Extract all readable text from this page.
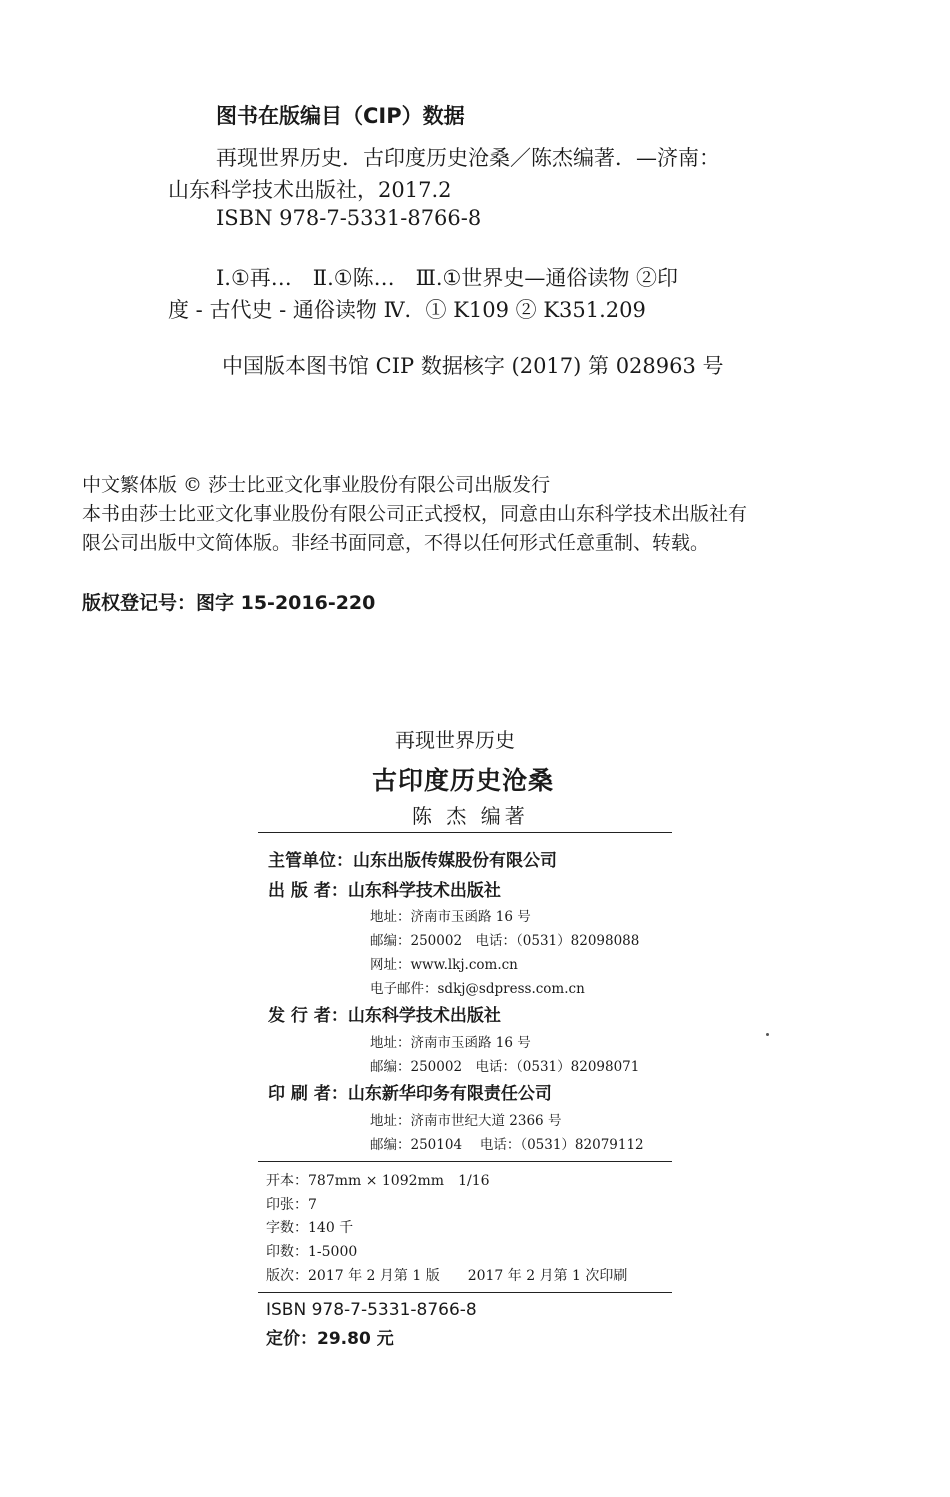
图书在版编目（CIP）数据
再现世界历史．古印度历史沧桑／陈杰编著．—济南：
山东科学技术出版社，2017.2
ISBN 978-7-5331-8766-8
Ⅰ.①再…　Ⅱ.①陈…　Ⅲ.①世界史—通俗读物 ②印
度 - 古代史 - 通俗读物 Ⅳ．① K109 ② K351.209
中国版本图书馆 CIP 数据核字 (2017) 第 028963 号
中文繁体版 © 莎士比亚文化事业股份有限公司出版发行
本书由莎士比亚文化事业股份有限公司正式授权，同意由山东科学技术出版社有
限公司出版中文简体版。非经书面同意，不得以任何形式任意重制、转载。
版权登记号：图字 15-2016-220
再现世界历史
古印度历史沧桑
陈 杰 编著
主管单位：山东出版传媒股份有限公司
出 版 者：山东科学技术出版社
地址：济南市玉函路 16 号
邮编：250002　电话：（0531）82098088
网址：www.lkj.com.cn
电子邮件：sdkj@sdpress.com.cn
发 行 者：山东科学技术出版社
地址：济南市玉函路 16 号
邮编：250002　电话：（0531）82098071
印 刷 者：山东新华印务有限责任公司
地址：济南市世纪大道 2366 号
邮编：250104　 电话：（0531）82079112
开本：787mm × 1092mm　1/16
印张：7
字数：140 千
印数：1-5000
版次：2017 年 2 月第 1 版　　2017 年 2 月第 1 次印刷
ISBN 978-7-5331-8766-8
定价：29.80 元
